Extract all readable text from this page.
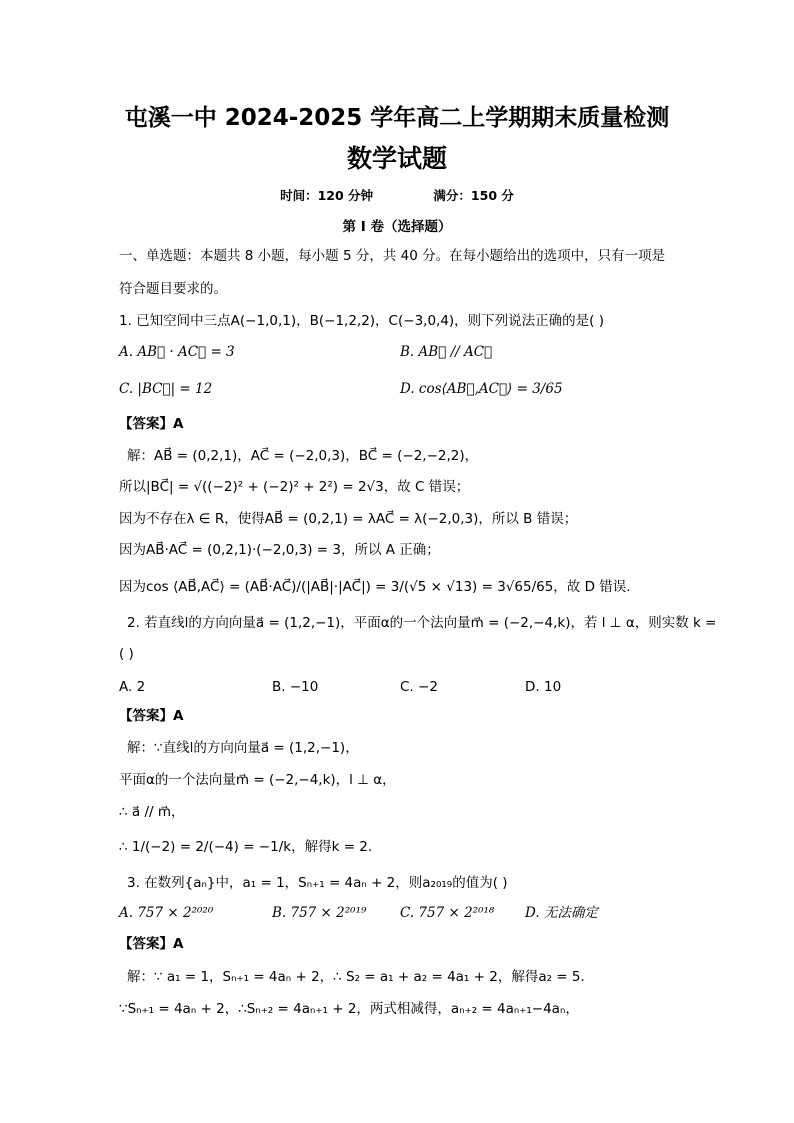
屯溪一中 2024-2025 学年高二上学期期末质量检测
数学试题
时间：120 分钟	满分：150 分
第 I 卷（选择题）
一、单选题：本题共 8 小题，每小题 5 分，共 40 分。在每小题给出的选项中，只有一项是
符合题目要求的。
1. 已知空间中三点A(−1,0,1)，B(−1,2,2)，C(−3,0,4)，则下列说法正确的是( )
A. AB⃗ · AC⃗ = 3	B. AB⃗ // AC⃗
C. |BC⃗| = 12	D. cos⟨AB⃗,AC⃗⟩ = 3/65
【答案】A
解：AB⃗ = (0,2,1)，AC⃗ = (−2,0,3)，BC⃗ = (−2,−2,2)，
所以|BC⃗| = √((−2)² + (−2)² + 2²) = 2√3，故 C 错误；
因为不存在λ ∈ R，使得AB⃗ = (0,2,1) = λAC⃗ = λ(−2,0,3)，所以 B 错误；
因为AB⃗·AC⃗ = (0,2,1)·(−2,0,3) = 3，所以 A 正确；
因为cos ⟨AB⃗,AC⃗⟩ = (AB⃗·AC⃗)/(|AB⃗|·|AC⃗|) = 3/(√5 × √13) = 3√65/65，故 D 错误.
2. 若直线l的方向向量a⃗ = (1,2,−1)，平面α的一个法向量m⃗ = (−2,−4,k)，若 l ⊥ α，则实数 k =
( )
A. 2	B. −10	C. −2	D. 10
【答案】A
解：∵直线l的方向向量a⃗ = (1,2,−1)，
平面α的一个法向量m⃗ = (−2,−4,k)，l ⊥ α，
∴ a⃗ // m⃗，
∴ 1/(−2) = 2/(−4) = −1/k，解得k = 2.
3. 在数列{aₙ}中，a₁ = 1，Sₙ₊₁ = 4aₙ + 2，则a₂₀₁₉的值为( )
A. 757 × 2²⁰²⁰	B. 757 × 2²⁰¹⁹ C. 757 × 2²⁰¹⁸ D. 无法确定
【答案】A
解：∵ a₁ = 1，Sₙ₊₁ = 4aₙ + 2，∴ S₂ = a₁ + a₂ = 4a₁ + 2，解得a₂ = 5．
∵Sₙ₊₁ = 4aₙ + 2，∴Sₙ₊₂ = 4aₙ₊₁ + 2，两式相减得，aₙ₊₂ = 4aₙ₊₁−4aₙ，
